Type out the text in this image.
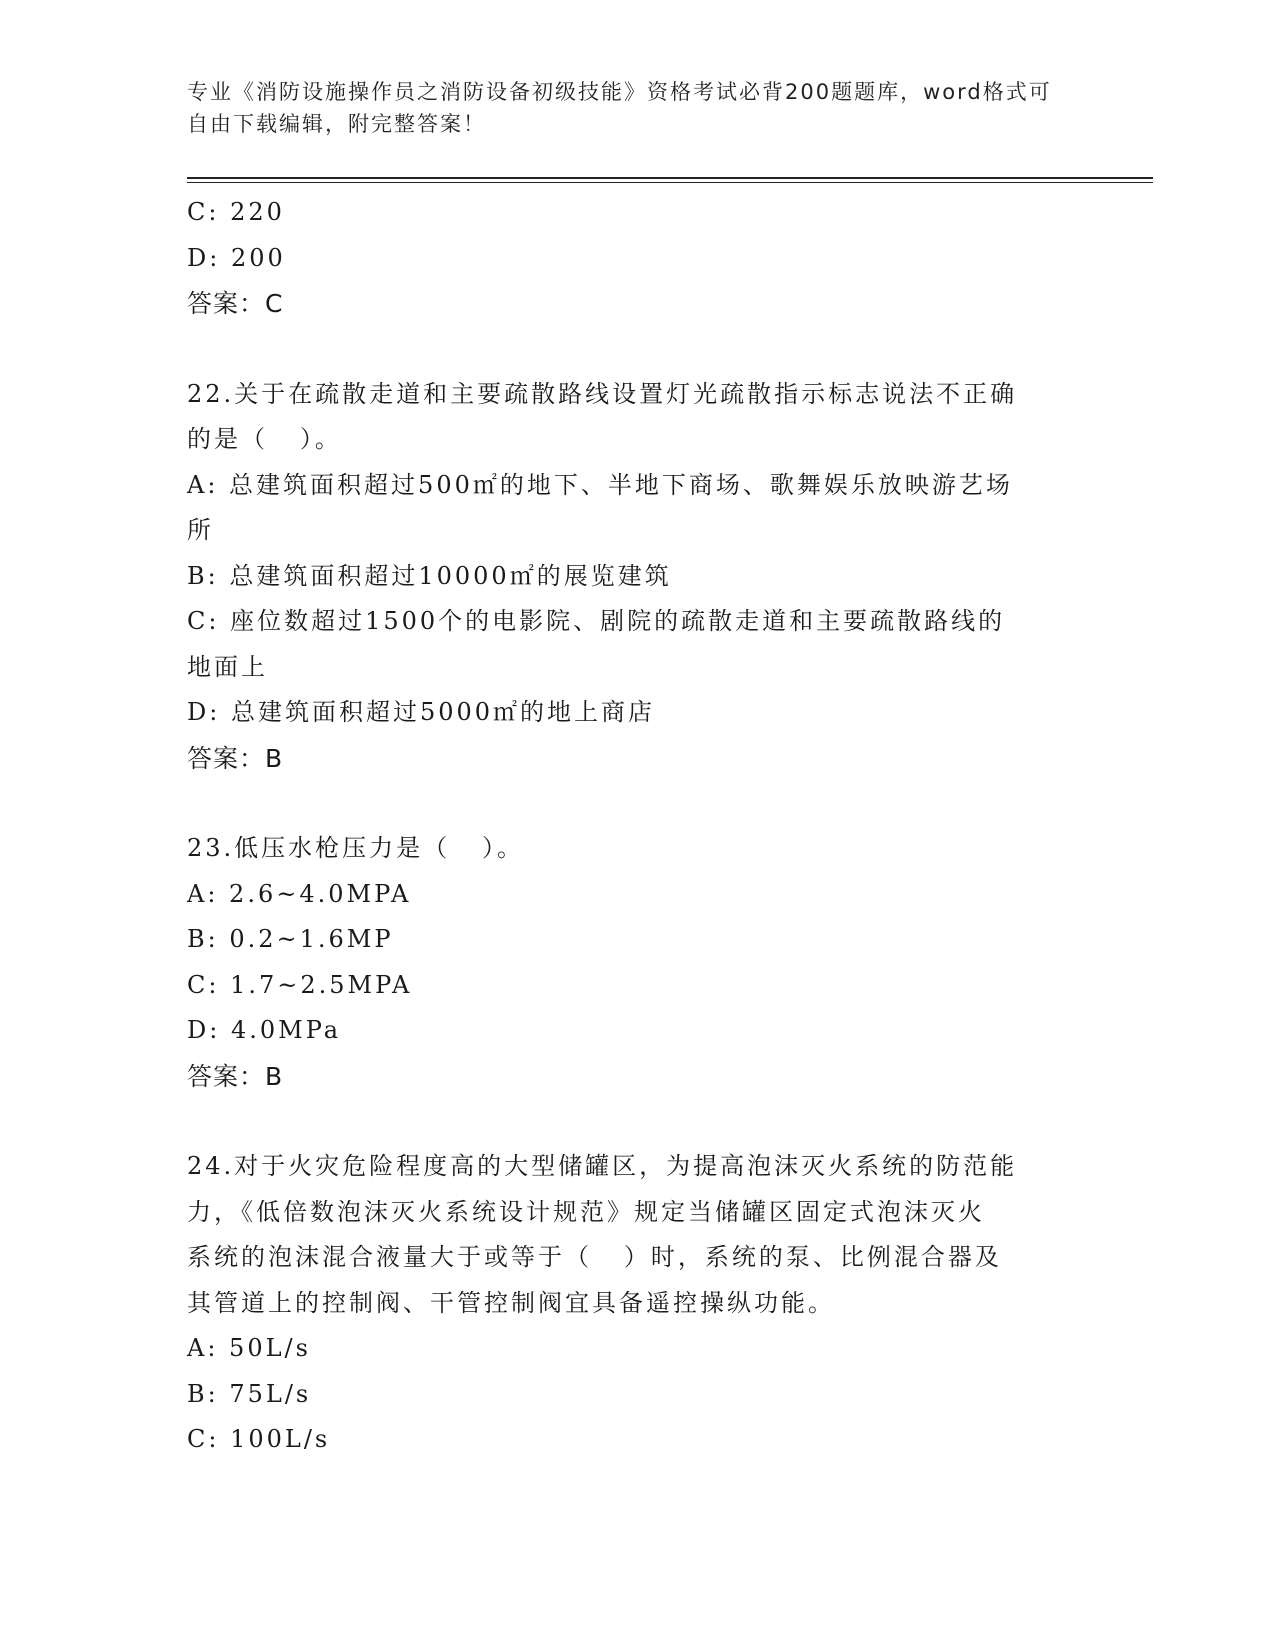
专业《消防设施操作员之消防设备初级技能》资格考试必背200题题库，word格式可自由下载编辑，附完整答案！
C: 220
D: 200
答案：C
22.关于在疏散走道和主要疏散路线设置灯光疏散指示标志说法不正确
的是（   ）。
A: 总建筑面积超过500㎡的地下、半地下商场、歌舞娱乐放映游艺场
所
B: 总建筑面积超过10000㎡的展览建筑
C: 座位数超过1500个的电影院、剧院的疏散走道和主要疏散路线的
地面上
D: 总建筑面积超过5000㎡的地上商店
答案：B
23.低压水枪压力是（   ）。
A: 2.6~4.0MPA
B: 0.2~1.6MP
C: 1.7~2.5MPA
D: 4.0MPa
答案：B
24.对于火灾危险程度高的大型储罐区，为提高泡沫灭火系统的防范能
力，《低倍数泡沫灭火系统设计规范》规定当储罐区固定式泡沫灭火
系统的泡沫混合液量大于或等于（   ）时，系统的泵、比例混合器及
其管道上的控制阀、干管控制阀宜具备遥控操纵功能。
A: 50L/s
B: 75L/s
C: 100L/s
